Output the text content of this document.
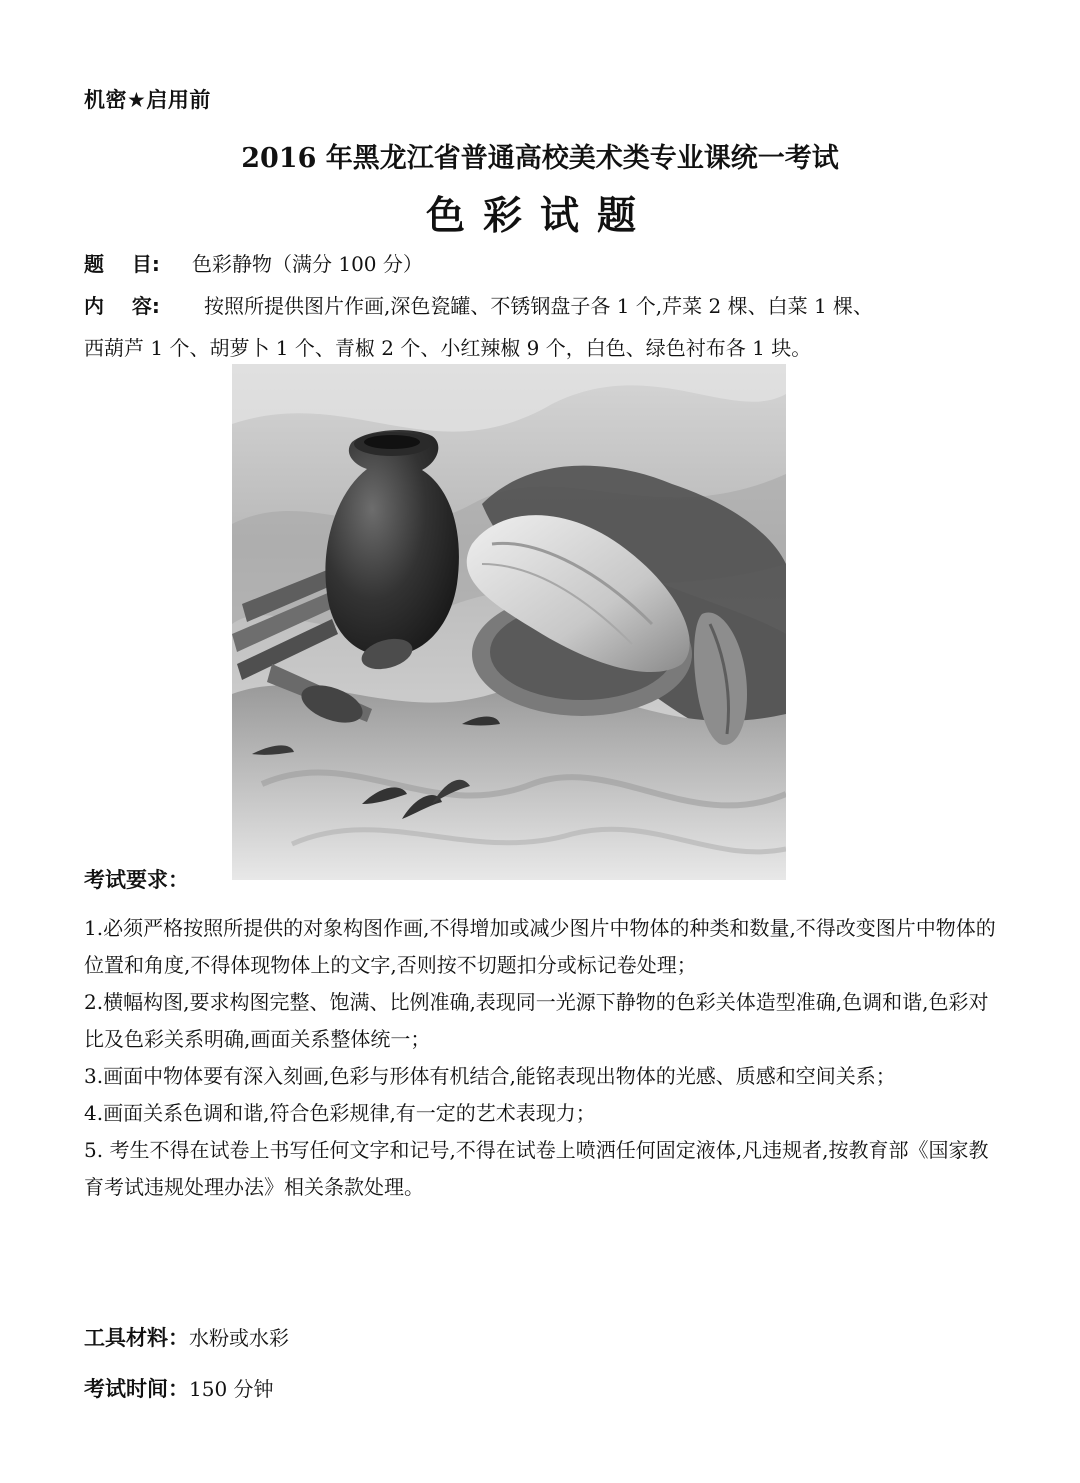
机密★启用前
2016 年黑龙江省普通高校美术类专业课统一考试
色彩试题
题    目: 色彩静物（满分 100 分）
内    容: 按照所提供图片作画,深色瓷罐、不锈钢盘子各 1 个,芹菜 2 棵、白菜 1 棵、
西葫芦 1 个、胡萝卜 1 个、青椒 2 个、小红辣椒 9 个，白色、绿色衬布各 1 块。
考试要求：
1.必须严格按照所提供的对象构图作画,不得增加或减少图片中物体的种类和数量,不得改变图片中物体的位置和角度,不得体现物体上的文字,否则按不切题扣分或标记卷处理；
2.横幅构图,要求构图完整、饱满、比例准确,表现同一光源下静物的色彩关体造型准确,色调和谐,色彩对比及色彩关系明确,画面关系整体统一；
3.画面中物体要有深入刻画,色彩与形体有机结合,能铭表现出物体的光感、质感和空间关系；
4.画面关系色调和谐,符合色彩规律,有一定的艺术表现力；
5. 考生不得在试卷上书写任何文字和记号,不得在试卷上喷洒任何固定液体,凡违规者,按教育部《国家教育考试违规处理办法》相关条款处理。
工具材料：水粉或水彩
考试时间：150 分钟
